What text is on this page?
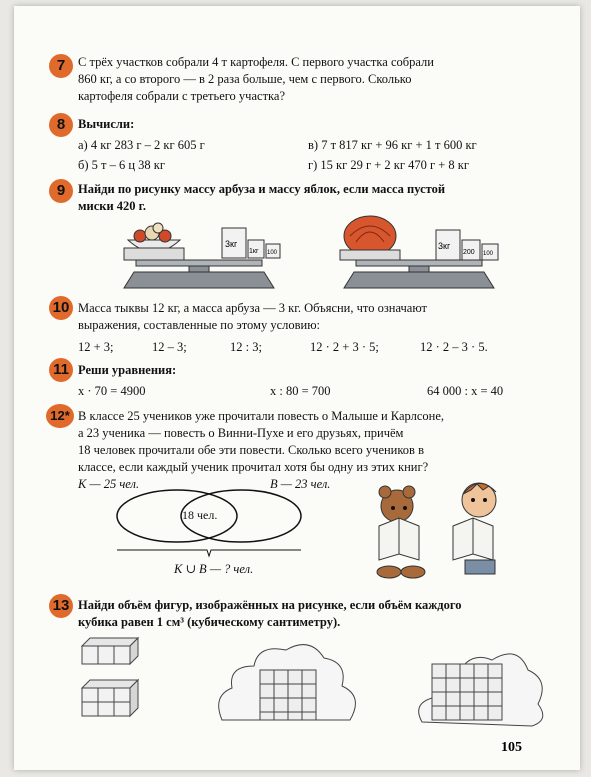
7	С трёх участков собрали 4 т картофеля. С первого участка собрали
860 кг, а со второго — в 2 раза больше, чем с первого. Сколько
картофеля собрали с третьего участка?
8	Вычисли:
а) 4 кг 283 г – 2 кг 605 г	в) 7 т 817 кг + 96 кг + 1 т 600 кг
б) 5 т – 6 ц 38 кг	г) 15 кг 29 г + 2 кг 470 г + 8 кг
9	Найди по рисунку массу арбуза и массу яблок, если масса пустой
миски 420 г.
3кг
1кг 100
3кг
200 100
10 Масса тыквы 12 кг, а масса арбуза — 3 кг. Объясни, что означают
выражения, составленные по этому условию:
12 + 3;	12 – 3;	12 : 3;	12 · 2 + 3 · 5;	12 · 2 – 3 · 5.
11 Реши уравнения:
x · 70 = 4900	x : 80 = 700	64 000 : x = 40
12* В классе 25 учеников уже прочитали повесть о Малыше и Карлсоне,
а 23 ученика — повесть о Винни-Пухе и его друзьях, причём
18 человек прочитали обе эти повести. Сколько всего учеников в
классе, если каждый ученик прочитал хотя бы одну из этих книг?
K — 25 чел.	B — 23 чел.
18 чел.
K ∪ B — ? чел.
13 Найди объём фигур, изображённых на рисунке, если объём каждого
кубика равен 1 см³ (кубическому сантиметру).
105
